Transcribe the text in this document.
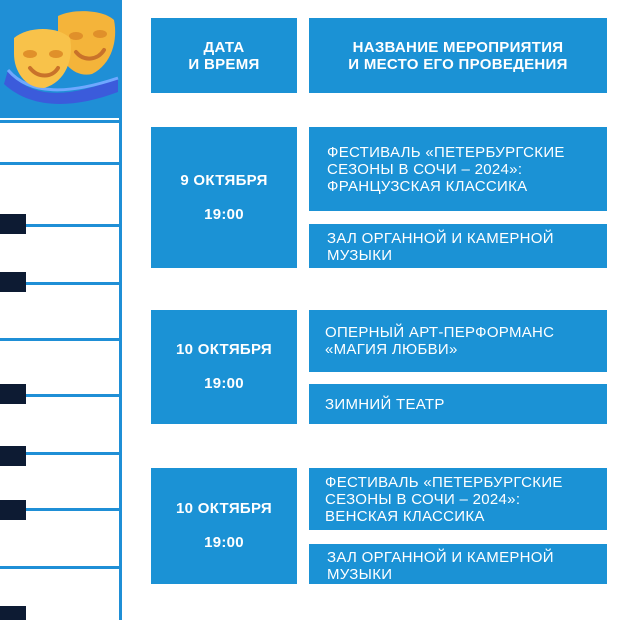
ДАТА
И ВРЕМЯ
НАЗВАНИЕ МЕРОПРИЯТИЯ
И МЕСТО ЕГО ПРОВЕДЕНИЯ
9 ОКТЯБРЯ
19:00
ФЕСТИВАЛЬ «ПЕТЕРБУРГСКИЕ
СЕЗОНЫ В СОЧИ – 2024»:
ФРАНЦУЗСКАЯ КЛАССИКА
ЗАЛ ОРГАННОЙ И КАМЕРНОЙ
МУЗЫКИ
10 ОКТЯБРЯ
19:00
ОПЕРНЫЙ АРТ-ПЕРФОРМАНС
«МАГИЯ ЛЮБВИ»
ЗИМНИЙ ТЕАТР
10 ОКТЯБРЯ
19:00
ФЕСТИВАЛЬ «ПЕТЕРБУРГСКИЕ
СЕЗОНЫ В СОЧИ – 2024»:
ВЕНСКАЯ КЛАССИКА
ЗАЛ ОРГАННОЙ И КАМЕРНОЙ
МУЗЫКИ
